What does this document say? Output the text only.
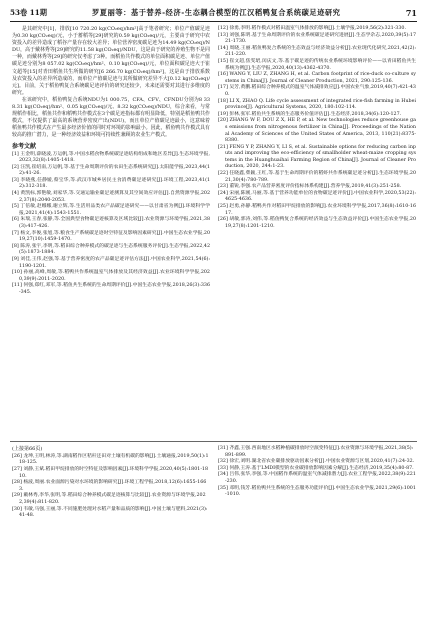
53卷 11期	罗夏丽等：基于替养-经济-生态耦合模型的江汉稻鸭复合系统碳足迹研究	71

是其研究中[1]，排放[10 720.20 kg(CO₂eq)/hm²]高于笔者研究；单位产值碳足迹为0.30 kg(CO₂eq)/元，小于蓄稻等[29]研究的0.59 kg(CO₂eq)/元，主要由于研究中农资投入的差异造成了稻谷产量存在较大差异；单位营养密度碳足迹为14.49 kg(CO₂eq)/NDU，高于戴林秀等[29]研究的11.58 kg(CO₂eq)/NDU，这是由于研究的养殖生物不是同一种，而戴林秀等[29]的研究仅考虑了3种。而稻鱼共作模式的单位面积碳足迹、单位产值碳足迹分别为8 057.02 kg(CO₂eq)/hm²、0.10 kg(CO₂eq)/元，单位面积碳足迹大于崔文超等[15]对青田稻鱼共生所做的研究[6 266.70 kg(CO₂eq)/hm²]，这是由于排放系数及农资投入的差异所造成的，而单位产值碳足迹与其所做研究差异不大[0.12 kg(CO₂eq)/元]。目前，关于稻鱼鸭复合系统碳足迹评价的研究还较少，未来还需要对其进行多维度的研究。

在该研究中，稻鱼鸭复合系统NDU为1 000.75，CFA、CFV、CFNDU分别为8 338.31 kg(CO₂eq)/hm²、0.05 kg(CO₂eq)/元、8.32 kg(CO₂eq)/NDU，综合来看，与常规稻作相比，稻鱼共作和稻鸭共作模式在3个碳足迹指标都有明显降低，特别是稻鱼鸭共作模式，不仅提供了最高的系统营养密度产出(NDU)，而且单位产值碳足迹最小，这意味着稻鱼鸭共作模式在产生最多经济价值的同时对环境的影响最小。因此，稻鱼鸭共作模式具有较高的推广潜力，是一种经济效益和环境可持续性兼顾的农业生产模式。

参考文献
[1] 王金明,薛晓波,万运帆,等.中国水稻食物系统碳足迹结构组成和地区差异[J].生态环境学报,2023,32(8):1405-1418.
[2] 汪凯,崔绍南,万运帆,等.基于生命周期评价的农田生态系统研究[J].太阳能学报,2023,44(12):41-26.
[3] 李晓燕,任静媛,蔡宝华,等.武汉市城乡居民主食消费碳足迹研究[J].环境工程,2023,41(12):312-318.
[4] 黄凯标,郭艳敏,刘家华,等.交通运输业碳足迹测算及其空间效应评估[J].自然资源学报,2022,37(8):2040-2053.
[5] 丁倍敏,赵娜娜,谢立辉,等.生活用品类农产品碳足迹研究——以甘肃省为例[J].环境科学学报,2021,41(4):1543-1551.
[6] 朱瑞,王春,张静,等.全国典型食物碳足迹核算及区域比较[J].农业资源与环境学报,2021,38(3):417-426.
[7] 杨文,李俊,张旭,等.粮食生产系统碳足迹时空特征及影响因素研究[J].中国生态农业学报,2019,27(10):1459-1470.
[8] 陈涛,张宇,李明,等.稻田综合种养模式的碳足迹与生态系统服务评价[J].生态学报,2022,42(5):1873-1884.
[9] 刘佳,王伟,赵强,等.基于营养密度的农产品碳足迹评估方法[J].中国农业科学,2021,54(6):1190-1201.
[10] 孙丽,高峰,周敏,等.稻鸭共作系统温室气体排放及其经济效益[J].农业环境科学学报,2020,39(9):2011-2020.
[11] 何强,郑红,邓军,等.稻鱼共生系统的生命周期评价[J].中国生态农业学报,2018,26(3):336-345.
[12] 徐勇,李明.稻作模式对稻田温室气体排放的影响[J].土壤学报,2019,56(2):321-330.
[13] 刘强,陈明.基于生命周期评价的农业系统碳足迹研究进展[J].生态学杂志,2020,39(5):1721-1730.
[14] 周晓,王丽.稻鱼鸭复合系统的生态效益与经济效益分析[J].农业现代化研究,2021,42(2):211-220.
[15] 崔文超,焦雯珺,闵庆文,等.基于碳足迹的传统农业系统环境影响评价——以青田稻鱼共生系统为例[J].生态学报,2020,40(13):4362-4370.
[16] WANG Y, LIU Z, ZHANG H, et al. Carbon footprint of rice-duck co-culture systems in China[J]. Journal of Cleaner Production, 2021, 290:125-136.
[17] 吴芳,黄鹏.稻田综合种养模式的温室气体减排效应[J].中国农业气象,2019,40(7):421-430.
[18] LI X, ZHAO Q. Life cycle assessment of integrated rice-fish farming in Hubei province[J]. Agricultural Systems, 2020, 180:102-114.
[19] 彭林,张军.稻鱼共生系统的生态服务价值评估[J].生态经济,2018,34(6):120-127.
[20] ZHANG W F, DOU Z X, HE P, et al. New technologies reduce greenhouse gas emissions from nitrogenous fertilizer in China[J]. Proceedings of the National Academy of Sciences of the United States of America, 2013, 110(21):8375-8380.
[21] FENG Y P, ZHANG Y, LI S, et al. Sustainable options for reducing carbon inputs and improving the eco-efficiency of smallholder wheat-maize cropping systems in the Huanghuaihai Farming Region of China[J]. Journal of Cleaner Production, 2020, 244:1-23.
[22] 任晓鑫,柴颖,王红,等.基于生命周期评价的稻虾共作系统碳足迹分析[J].生态环境学报,2021,30(4):780-789.
[23] 董锐,李强.农产品营养密度评价指标体系构建[J].营养学报,2019,41(3):251-258.
[24] 宋丽,陈刚,马丽,等.基于营养功能单位的食物碳足迹评价[J].中国农业科学,2020,53(22):4625-4636.
[25] 赵勇,孙静.稻鸭共作对稻田甲烷排放的影响[J].农业环境科学学报,2017,36(8):1610-1617.
[26] 胡敏,郭涛,刘伟,等.稻鱼鸭复合系统的经济效益与生态效益评价[J].中国生态农业学报,2019,27(8):1201-1210.
(上接第66页)
[26] 龙坤,王明,林涛,等.湖南稻作区秸秆还田对土壤有机碳的影响[J].土壤通报,2019,50(1):118-125.
[27] 刘静,王斌.稻田甲烷排放的时空特征及影响因素[J].环境科学学报,2020,40(5):1801-1810.
[28] 杨波,周丽.农业面源污染对水环境的影响研究[J].环境工程学报,2018,12(6):1655-1663.
[29] 戴林秀,李华,张明,等.稻田综合种养模式碳足迹核算与比较[J].农业资源与环境学报,2022,39(4):811-820.
[30] 韦敏,马强,王丽,等.不同施肥处理对水稻产量和品质的影响[J].中国土壤与肥料,2021(3):41-48.
[31] 齐鑫,王强.西南地区水稻种植碳排放时空演变特征[J].农业资源与环境学报,2021,38(5):891-899.
[32] 徐宏,刘明.湖北省农业碳排放驱动因素分析[J].中国农业资源与区划,2020,41(7):24-32.
[33] 何静,王涛.基于LMDI模型的农业碳排放影响因素分解[J].生态经济,2019,35(4):80-87.
[34] 吕伟,张华,李强,等.中国稻作系统的温室气体减排潜力[J].农业工程学报,2022,38(9):221-230.
[35] 邓明,钱芳.稻鱼鸭共生系统的生态服务功能评价[J].中国生态农业学报,2021,29(6):1001-1010.
